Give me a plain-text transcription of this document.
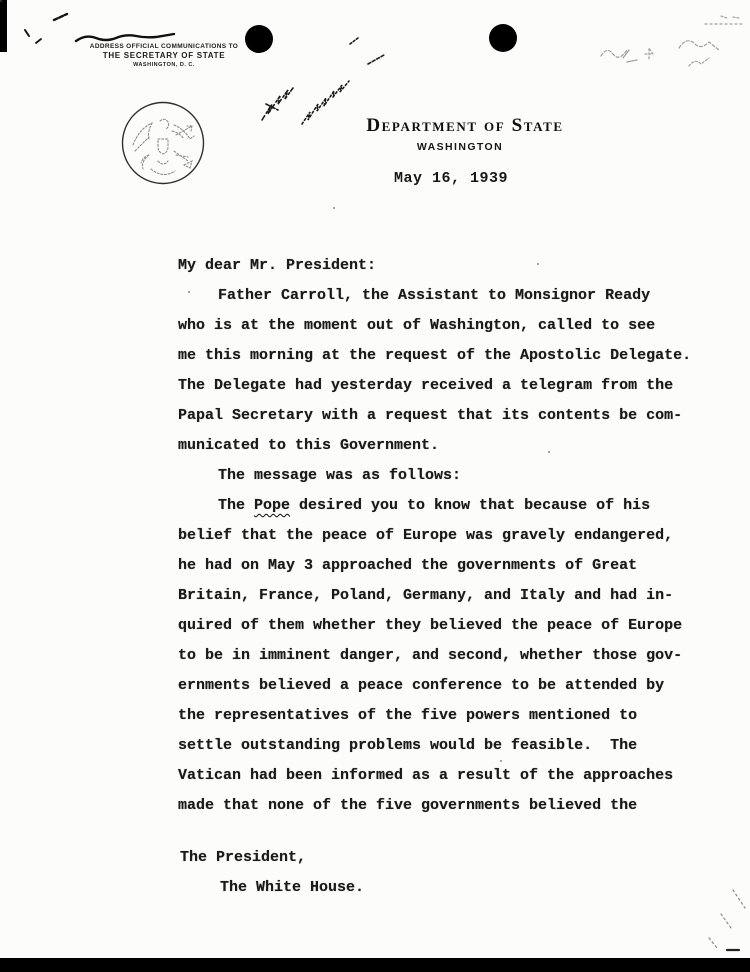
ADDRESS OFFICIAL COMMUNICATIONS TO
THE SECRETARY OF STATE
WASHINGTON, D. C.
Department of State
WASHINGTON
May 16, 1939
My dear Mr. President:
Father Carroll, the Assistant to Monsignor Ready
who is at the moment out of Washington, called to see
me this morning at the request of the Apostolic Delegate.
The Delegate had yesterday received a telegram from the
Papal Secretary with a request that its contents be com-
municated to this Government.
The message was as follows:
The Pope desired you to know that because of his
belief that the peace of Europe was gravely endangered,
he had on May 3 approached the governments of Great
Britain, France, Poland, Germany, and Italy and had in-
quired of them whether they believed the peace of Europe
to be in imminent danger, and second, whether those gov-
ernments believed a peace conference to be attended by
the representatives of the five powers mentioned to
settle outstanding problems would be feasible.  The
Vatican had been informed as a result of the approaches
made that none of the five governments believed the
The President,
The White House.
